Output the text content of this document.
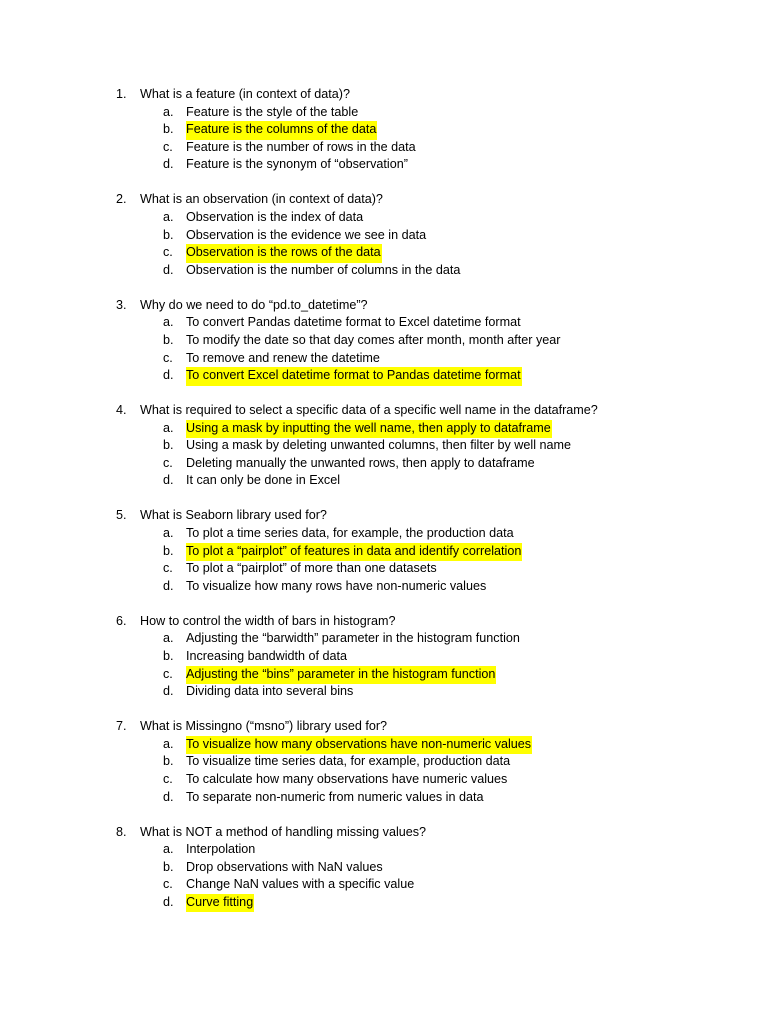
1. What is a feature (in context of data)?
a. Feature is the style of the table
b. Feature is the columns of the data
c. Feature is the number of rows in the data
d. Feature is the synonym of “observation”
2. What is an observation (in context of data)?
a. Observation is the index of data
b. Observation is the evidence we see in data
c. Observation is the rows of the data
d. Observation is the number of columns in the data
3. Why do we need to do “pd.to_datetime”?
a. To convert Pandas datetime format to Excel datetime format
b. To modify the date so that day comes after month, month after year
c. To remove and renew the datetime
d. To convert Excel datetime format to Pandas datetime format
4. What is required to select a specific data of a specific well name in the dataframe?
a. Using a mask by inputting the well name, then apply to dataframe
b. Using a mask by deleting unwanted columns, then filter by well name
c. Deleting manually the unwanted rows, then apply to dataframe
d. It can only be done in Excel
5. What is Seaborn library used for?
a. To plot a time series data, for example, the production data
b. To plot a “pairplot” of features in data and identify correlation
c. To plot a “pairplot” of more than one datasets
d. To visualize how many rows have non-numeric values
6. How to control the width of bars in histogram?
a. Adjusting the “barwidth” parameter in the histogram function
b. Increasing bandwidth of data
c. Adjusting the “bins” parameter in the histogram function
d. Dividing data into several bins
7. What is Missingno (“msno”) library used for?
a. To visualize how many observations have non-numeric values
b. To visualize time series data, for example, production data
c. To calculate how many observations have numeric values
d. To separate non-numeric from numeric values in data
8. What is NOT a method of handling missing values?
a. Interpolation
b. Drop observations with NaN values
c. Change NaN values with a specific value
d. Curve fitting
